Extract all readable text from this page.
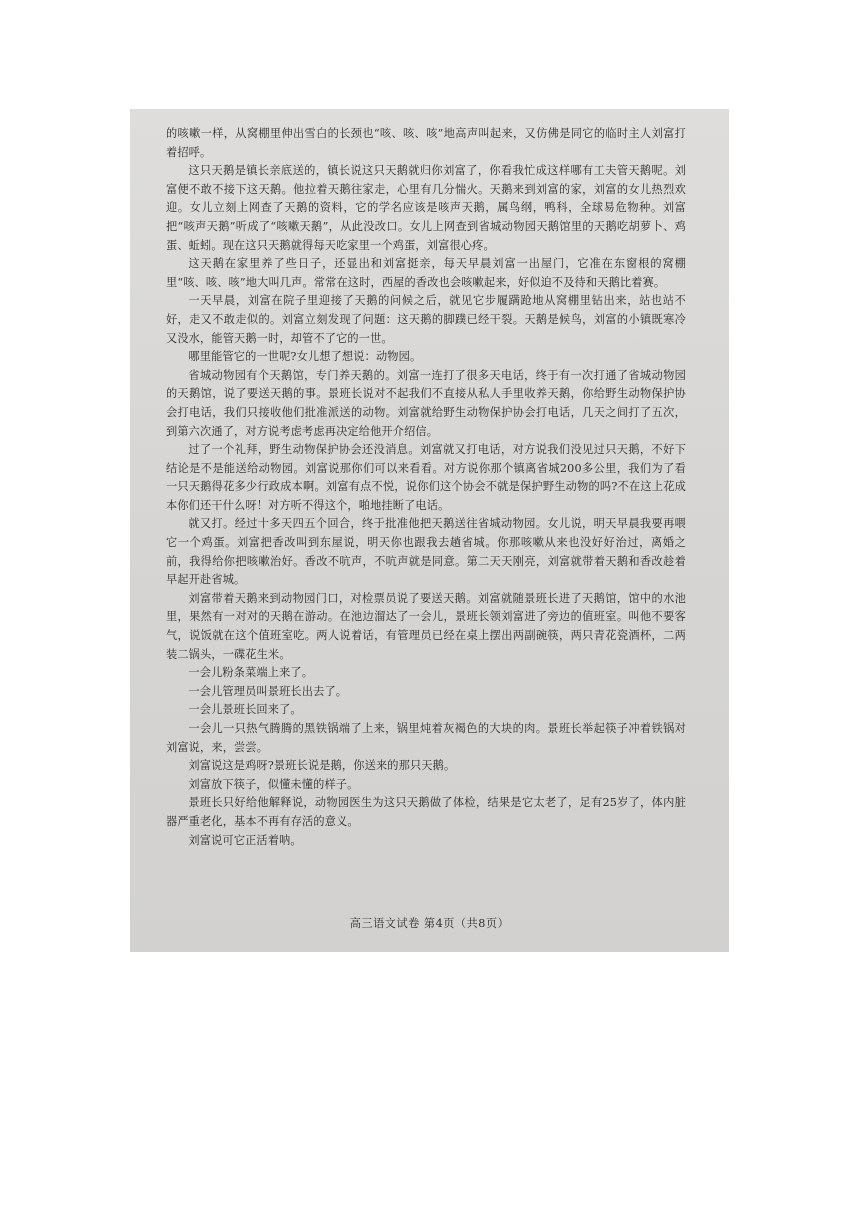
的咳嗽一样，从窝棚里伸出雪白的长颈也“咳、咳、咳”地高声叫起来，又仿佛是同它的临时主人刘富打着招呼。

这只天鹅是镇长亲底送的，镇长说这只天鹅就归你刘富了，你看我忙成这样哪有工夫管天鹅呢。刘富便不敢不接下这天鹅。他拉着天鹅往家走，心里有几分惴火。天鹅来到刘富的家，刘富的女儿热烈欢迎。女儿立刻上网查了天鹅的资料，它的学名应该是咳声天鹅，属鸟纲，鸭科，全球易危物种。刘富把“咳声天鹅”听成了“咳嗽天鹅”，从此没改口。女儿上网查到省城动物园天鹅馆里的天鹅吃胡萝卜、鸡蛋、蚯蚓。现在这只天鹅就得每天吃家里一个鸡蛋，刘富很心疼。

这天鹅在家里养了些日子，还显出和刘富挺亲，每天早晨刘富一出屋门，它准在东窗根的窝棚里“咳、咳、咳”地大叫几声。常常在这时，西屋的香改也会咳嗽起来，好似迫不及待和天鹅比着赛。

一天早晨，刘富在院子里迎接了天鹅的问候之后，就见它步履蹒跄地从窝棚里钻出来，站也站不好，走又不敢走似的。刘富立刻发现了问题：这天鹅的脚蹼已经干裂。天鹅是候鸟，刘富的小镇既寒冷又没水，能管天鹅一时，却管不了它的一世。

哪里能管它的一世呢?女儿想了想说：动物园。

省城动物园有个天鹅馆，专门养天鹅的。刘富一连打了很多天电话，终于有一次打通了省城动物园的天鹅馆，说了要送天鹅的事。景班长说对不起我们不直接从私人手里收养天鹅，你给野生动物保护协会打电话，我们只接收他们批准派送的动物。刘富就给野生动物保护协会打电话，几天之间打了五次，到第六次通了，对方说考虑考虑再决定给他开介绍信。

过了一个礼拜，野生动物保护协会还没消息。刘富就又打电话，对方说我们没见过只天鹅，不好下结论是不是能送给动物园。刘富说那你们可以来看看。对方说你那个镇离省城200多公里，我们为了看一只天鹅得花多少行政成本啊。刘富有点不悦，说你们这个协会不就是保护野生动物的吗?不在这上花成本你们还干什么呀！对方听不得这个，啪地挂断了电话。

就又打。经过十多天四五个回合，终于批准他把天鹅送往省城动物园。女儿说，明天早晨我要再喂它一个鸡蛋。刘富把香改叫到东屋说，明天你也跟我去趟省城。你那咳嗽从来也没好好治过，离婚之前，我得给你把咳嗽治好。香改不吭声，不吭声就是同意。第二天天刚亮，刘富就带着天鹅和香改趁着早起开赴省城。

刘富带着天鹅来到动物园门口，对检票员说了要送天鹅。刘富就随景班长进了天鹅馆，馆中的水池里，果然有一对对的天鹅在游动。在池边溜达了一会儿，景班长领刘富进了旁边的值班室。叫他不要客气，说饭就在这个值班室吃。两人说着话，有管理员已经在桌上摆出两副碗筷，两只青花瓷酒杯，二两装二锅头，一碟花生米。

一会儿粉条菜端上来了。

一会儿管理员叫景班长出去了。

一会儿景班长回来了。

一会儿一只热气腾腾的黑铁锅端了上来，锅里炖着灰褐色的大块的肉。景班长举起筷子冲着铁锅对刘富说，来，尝尝。

刘富说这是鸡呀?景班长说是鹅，你送来的那只天鹅。

刘富放下筷子，似懂未懂的样子。

景班长只好给他解释说，动物园医生为这只天鹅做了体检，结果是它太老了，足有25岁了，体内脏器严重老化，基本不再有存活的意义。

刘富说可它正活着呐。

高三语文试卷 第4页（共8页）
